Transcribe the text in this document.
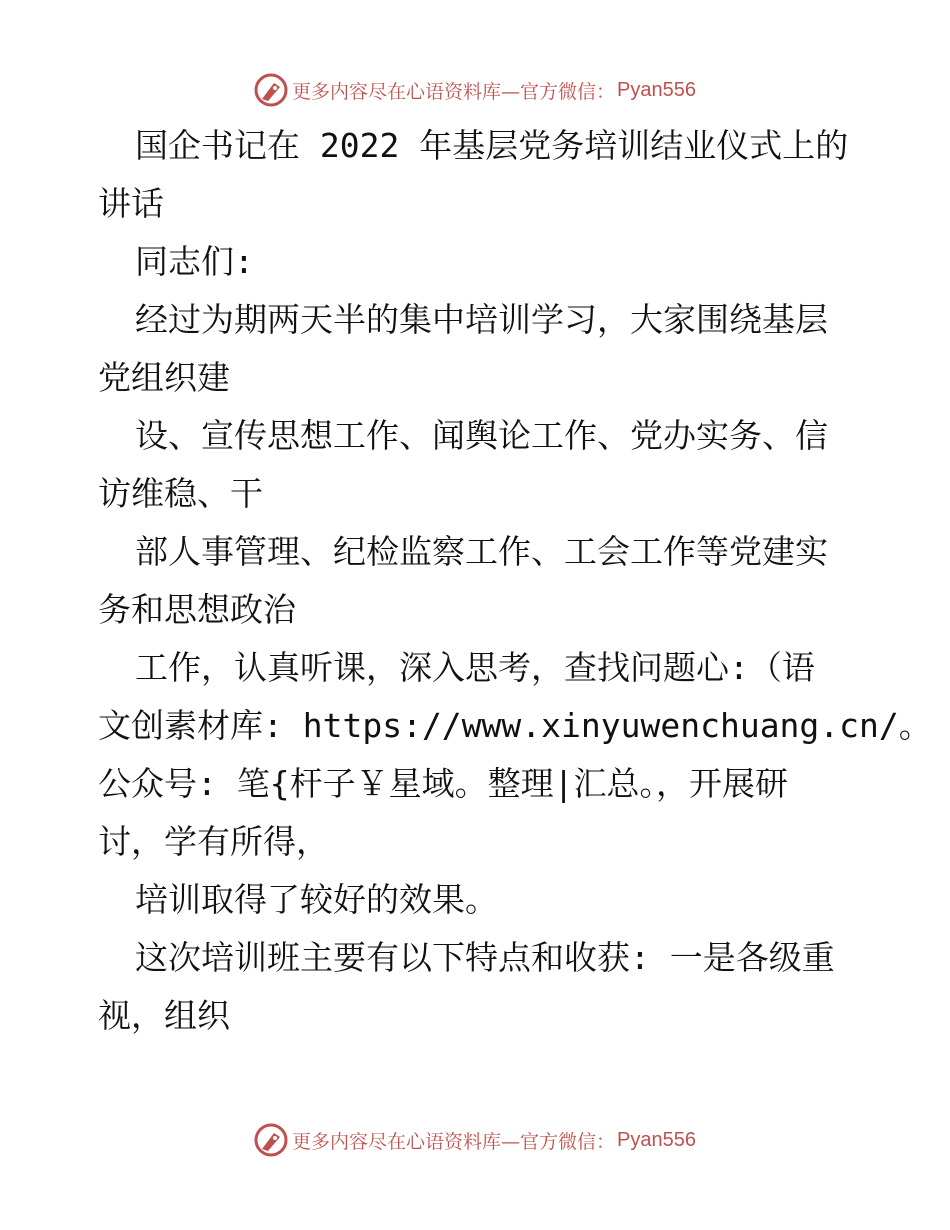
更多内容尽在心语资料库—官方微信： Pyan556
国企书记在 2022 年基层党务培训结业仪式上的
讲话
同志们:
经过为期两天半的集中培训学习，大家围绕基层
党组织建
设、宣传思想工作、闻舆论工作、党办实务、信
访维稳、干
部人事管理、纪检监察工作、工会工作等党建实
务和思想政治
工作，认真听课，深入思考，查找问题心:（语
文创素材库: https://www.xinyuwenchuang.cn/。
公众号: 笔{杆子￥星域。整理|汇总。，开展研
讨，学有所得，
培训取得了较好的效果。
这次培训班主要有以下特点和收获: 一是各级重
视，组织
更多内容尽在心语资料库—官方微信： Pyan556
